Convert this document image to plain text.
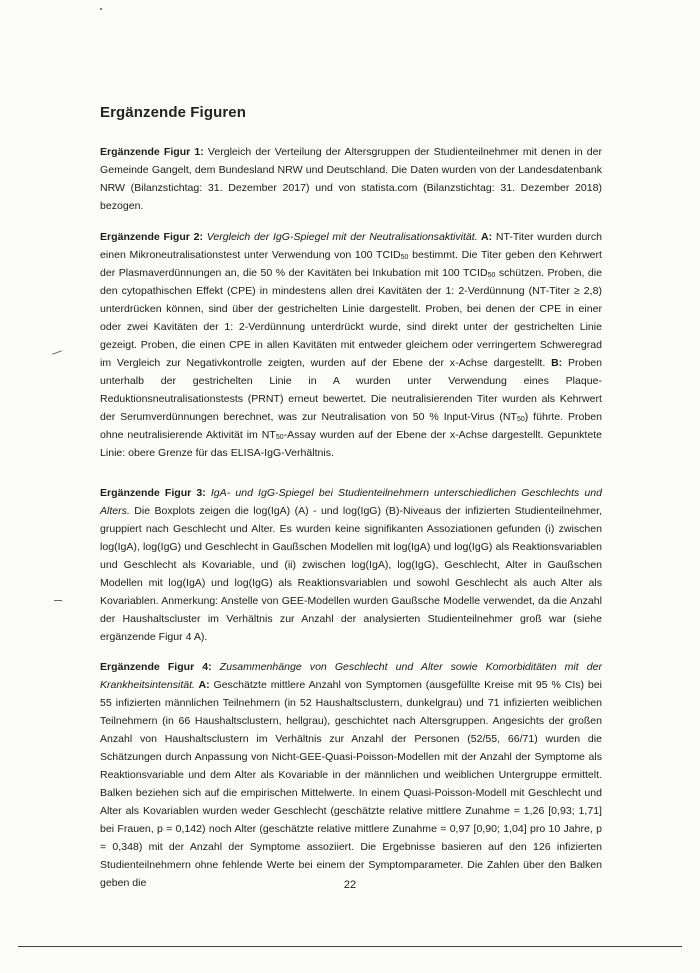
Ergänzende Figuren

Ergänzende Figur 1: Vergleich der Verteilung der Altersgruppen der Studienteilnehmer mit denen in der Gemeinde Gangelt, dem Bundesland NRW und Deutschland. Die Daten wurden von der Landesdatenbank NRW (Bilanzstichtag: 31. Dezember 2017) und von statista.com (Bilanzstichtag: 31. Dezember 2018) bezogen.

Ergänzende Figur 2: Vergleich der IgG-Spiegel mit der Neutralisationsaktivität. A: NT-Titer wurden durch einen Mikroneutralisationstest unter Verwendung von 100 TCID50 bestimmt. Die Titer geben den Kehrwert der Plasmaverdünnungen an, die 50 % der Kavitäten bei Inkubation mit 100 TCID50 schützen. Proben, die den cytopathischen Effekt (CPE) in mindestens allen drei Kavitäten der 1: 2-Verdünnung (NT-Titer ≥ 2,8) unterdrücken können, sind über der gestrichelten Linie dargestellt. Proben, bei denen der CPE in einer oder zwei Kavitäten der 1: 2-Verdünnung unterdrückt wurde, sind direkt unter der gestrichelten Linie gezeigt. Proben, die einen CPE in allen Kavitäten mit entweder gleichem oder verringertem Schweregrad im Vergleich zur Negativkontrolle zeigten, wurden auf der Ebene der x-Achse dargestellt. B: Proben unterhalb der gestrichelten Linie in A wurden unter Verwendung eines Plaque-Reduktionsneutralisationstests (PRNT) erneut bewertet. Die neutralisierenden Titer wurden als Kehrwert der Serumverdünnungen berechnet, was zur Neutralisation von 50 % Input-Virus (NT50) führte. Proben ohne neutralisierende Aktivität im NT50-Assay wurden auf der Ebene der x-Achse dargestellt. Gepunktete Linie: obere Grenze für das ELISA-IgG-Verhältnis.

Ergänzende Figur 3: IgA- und IgG-Spiegel bei Studienteilnehmern unterschiedlichen Geschlechts und Alters. Die Boxplots zeigen die log(IgA) (A) - und log(IgG) (B)-Niveaus der infizierten Studienteilnehmer, gruppiert nach Geschlecht und Alter. Es wurden keine signifikanten Assoziationen gefunden (i) zwischen log(IgA), log(IgG) und Geschlecht in Gaußschen Modellen mit log(IgA) und log(IgG) als Reaktionsvariablen und Geschlecht als Kovariable, und (ii) zwischen log(IgA), log(IgG), Geschlecht, Alter in Gaußschen Modellen mit log(IgA) und log(IgG) als Reaktionsvariablen und sowohl Geschlecht als auch Alter als Kovariablen. Anmerkung: Anstelle von GEE-Modellen wurden Gaußsche Modelle verwendet, da die Anzahl der Haushaltscluster im Verhältnis zur Anzahl der analysierten Studienteilnehmer groß war (siehe ergänzende Figur 4 A).

Ergänzende Figur 4: Zusammenhänge von Geschlecht und Alter sowie Komorbiditäten mit der Krankheitsintensität. A: Geschätzte mittlere Anzahl von Symptomen (ausgefüllte Kreise mit 95 % CIs) bei 55 infizierten männlichen Teilnehmern (in 52 Haushaltsclustern, dunkelgrau) und 71 infizierten weiblichen Teilnehmern (in 66 Haushaltsclustern, hellgrau), geschichtet nach Altersgruppen. Angesichts der großen Anzahl von Haushaltsclustern im Verhältnis zur Anzahl der Personen (52/55, 66/71) wurden die Schätzungen durch Anpassung von Nicht-GEE-Quasi-Poisson-Modellen mit der Anzahl der Symptome als Reaktionsvariable und dem Alter als Kovariable in der männlichen und weiblichen Untergruppe ermittelt. Balken beziehen sich auf die empirischen Mittelwerte. In einem Quasi-Poisson-Modell mit Geschlecht und Alter als Kovariablen wurden weder Geschlecht (geschätzte relative mittlere Zunahme = 1,26 [0,93; 1,71] bei Frauen, p = 0,142) noch Alter (geschätzte relative mittlere Zunahme = 0,97 [0,90; 1,04] pro 10 Jahre, p = 0,348) mit der Anzahl der Symptome assoziiert. Die Ergebnisse basieren auf den 126 infizierten Studienteilnehmern ohne fehlende Werte bei einem der Symptomparameter. Die Zahlen über den Balken geben die	22
